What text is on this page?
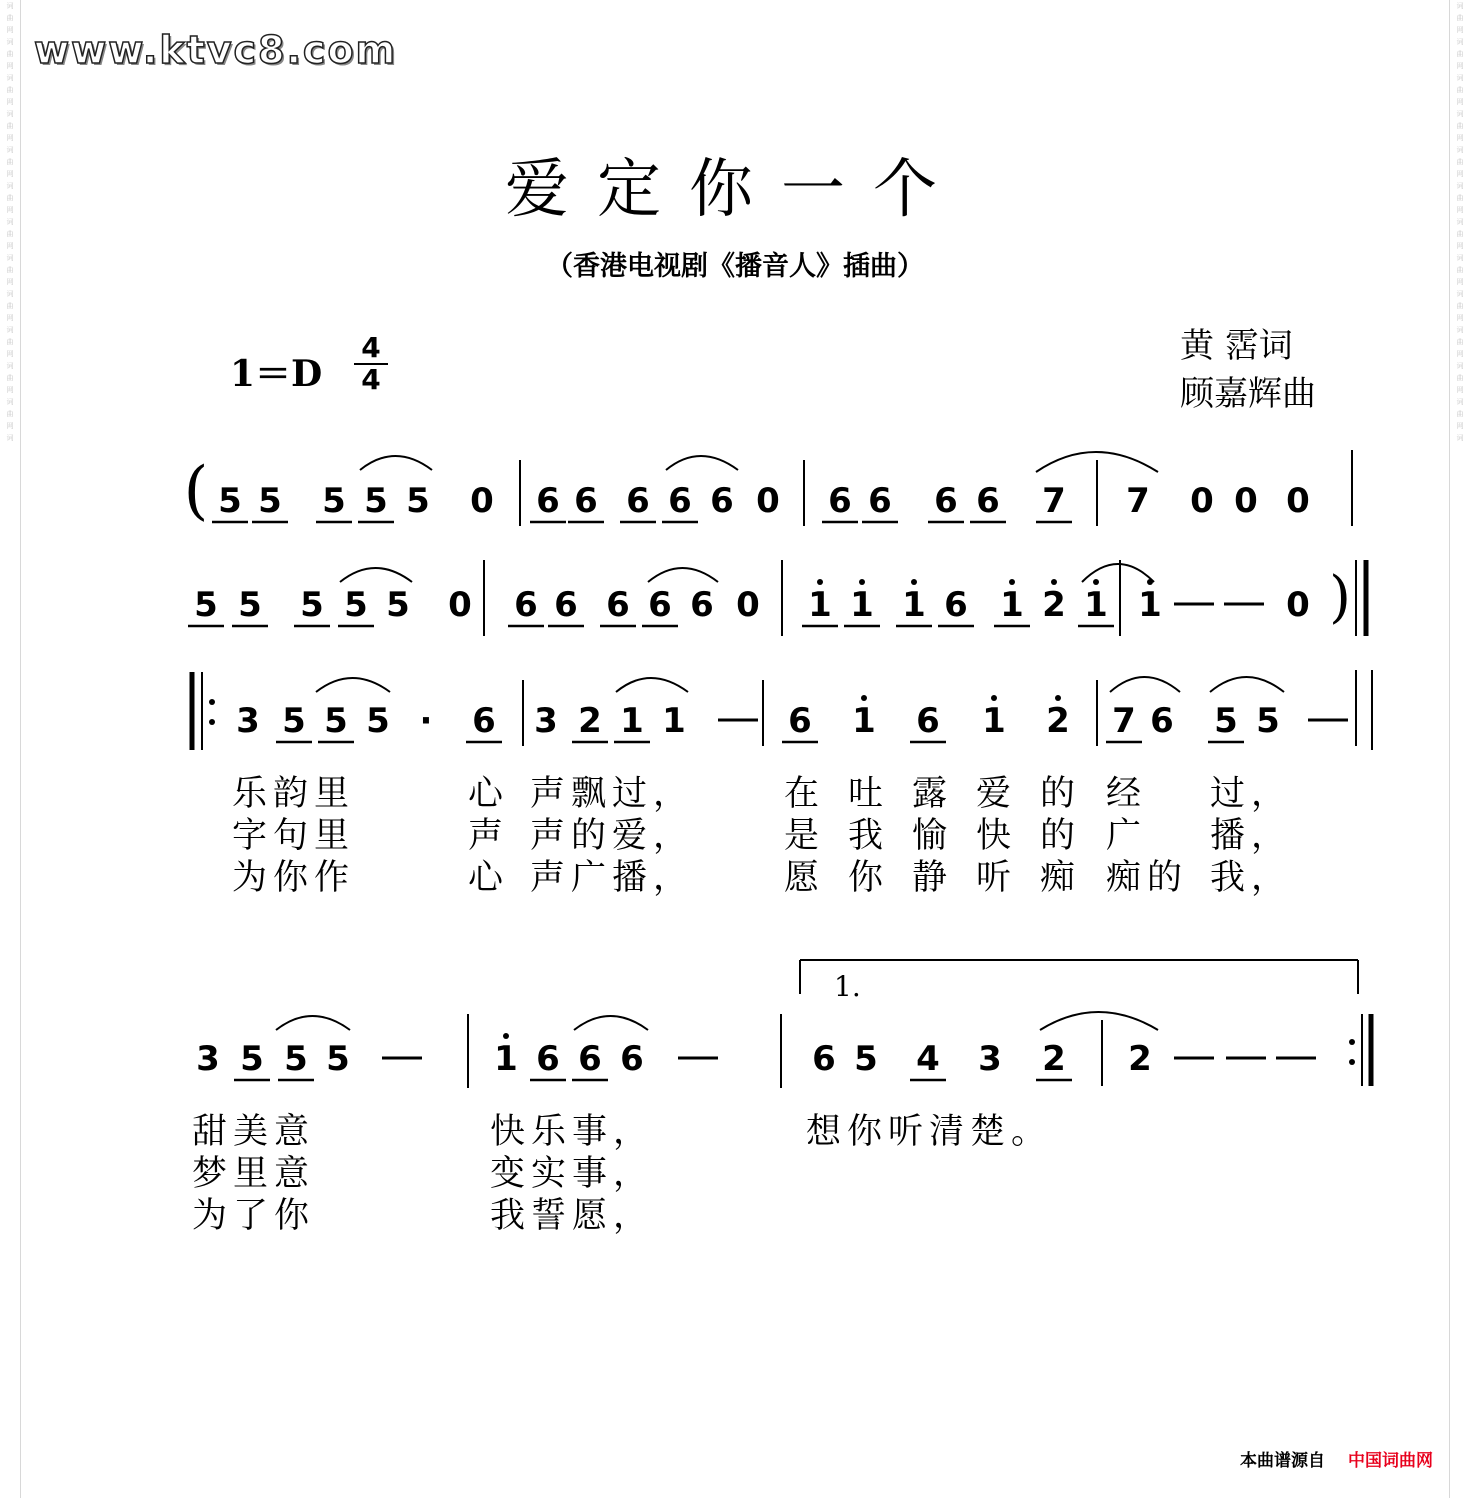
词
曲
网
词
曲
网
词
曲
网
词
曲
网
词
曲
网
词
曲
网
词
曲
网
词
曲
网
词
曲
网
词
曲
网
词
曲
网
词
曲
网
词
词
曲
网
词
曲
网
词
曲
网
词
曲
网
词
曲
网
词
曲
网
词
曲
网
词
曲
网
词
曲
网
词
曲
网
词
曲
网
词
曲
网
词
www.ktvc8.com
爱定你一个
（香港电视剧《播音人》插曲）
1＝D
4
4
黄 霑词
顾嘉辉曲
( 5 5 5 5 5 0 6 6 6 6 6 0 6 6 6 6 7 7 0 0 0
5 5 5 5 5 0 6 6 6 6 6 0 1 1 1 6 1 2 1 1	0 )
3 5 5 5 · 6 3 2 1 1	6 1 6 1 2 7 6 5 5
乐韵里	心 声飘过，	在 吐 露 爱 的 经 过，
字句里	声 声的爱，	是 我 愉 快 的 广 播，
为你作	心 声广播，	愿 你 静 听 痴 痴的 我，
1.
3 5 5 5	1 6 6 6	6 5 4 3 2 2
甜美意	快乐事，	想你听清楚。
梦里意	变实事，
为了你	我誓愿，
本曲谱源自 中国词曲网
